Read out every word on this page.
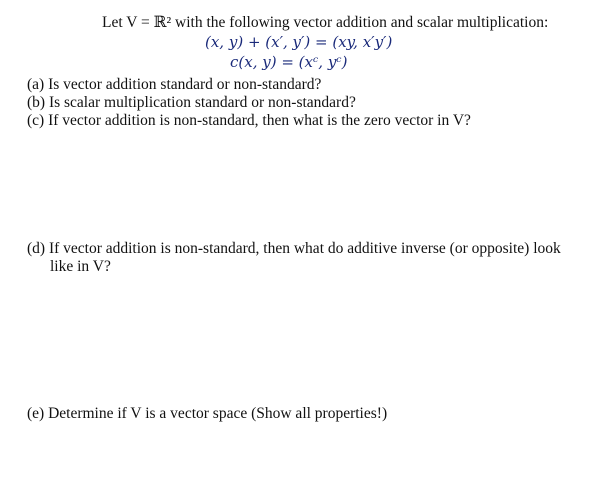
Let V = ℝ² with the following vector addition and scalar multiplication:
(x, y) + (x′, y′) = (xy, x′y′)
c(x, y) = (xᶜ, yᶜ)
(a) Is vector addition standard or non-standard?
(b) Is scalar multiplication standard or non-standard?
(c) If vector addition is non-standard, then what is the zero vector in V?
(d) If vector addition is non-standard, then what do additive inverse (or opposite) look
like in V?
(e) Determine if V is a vector space (Show all properties!)
